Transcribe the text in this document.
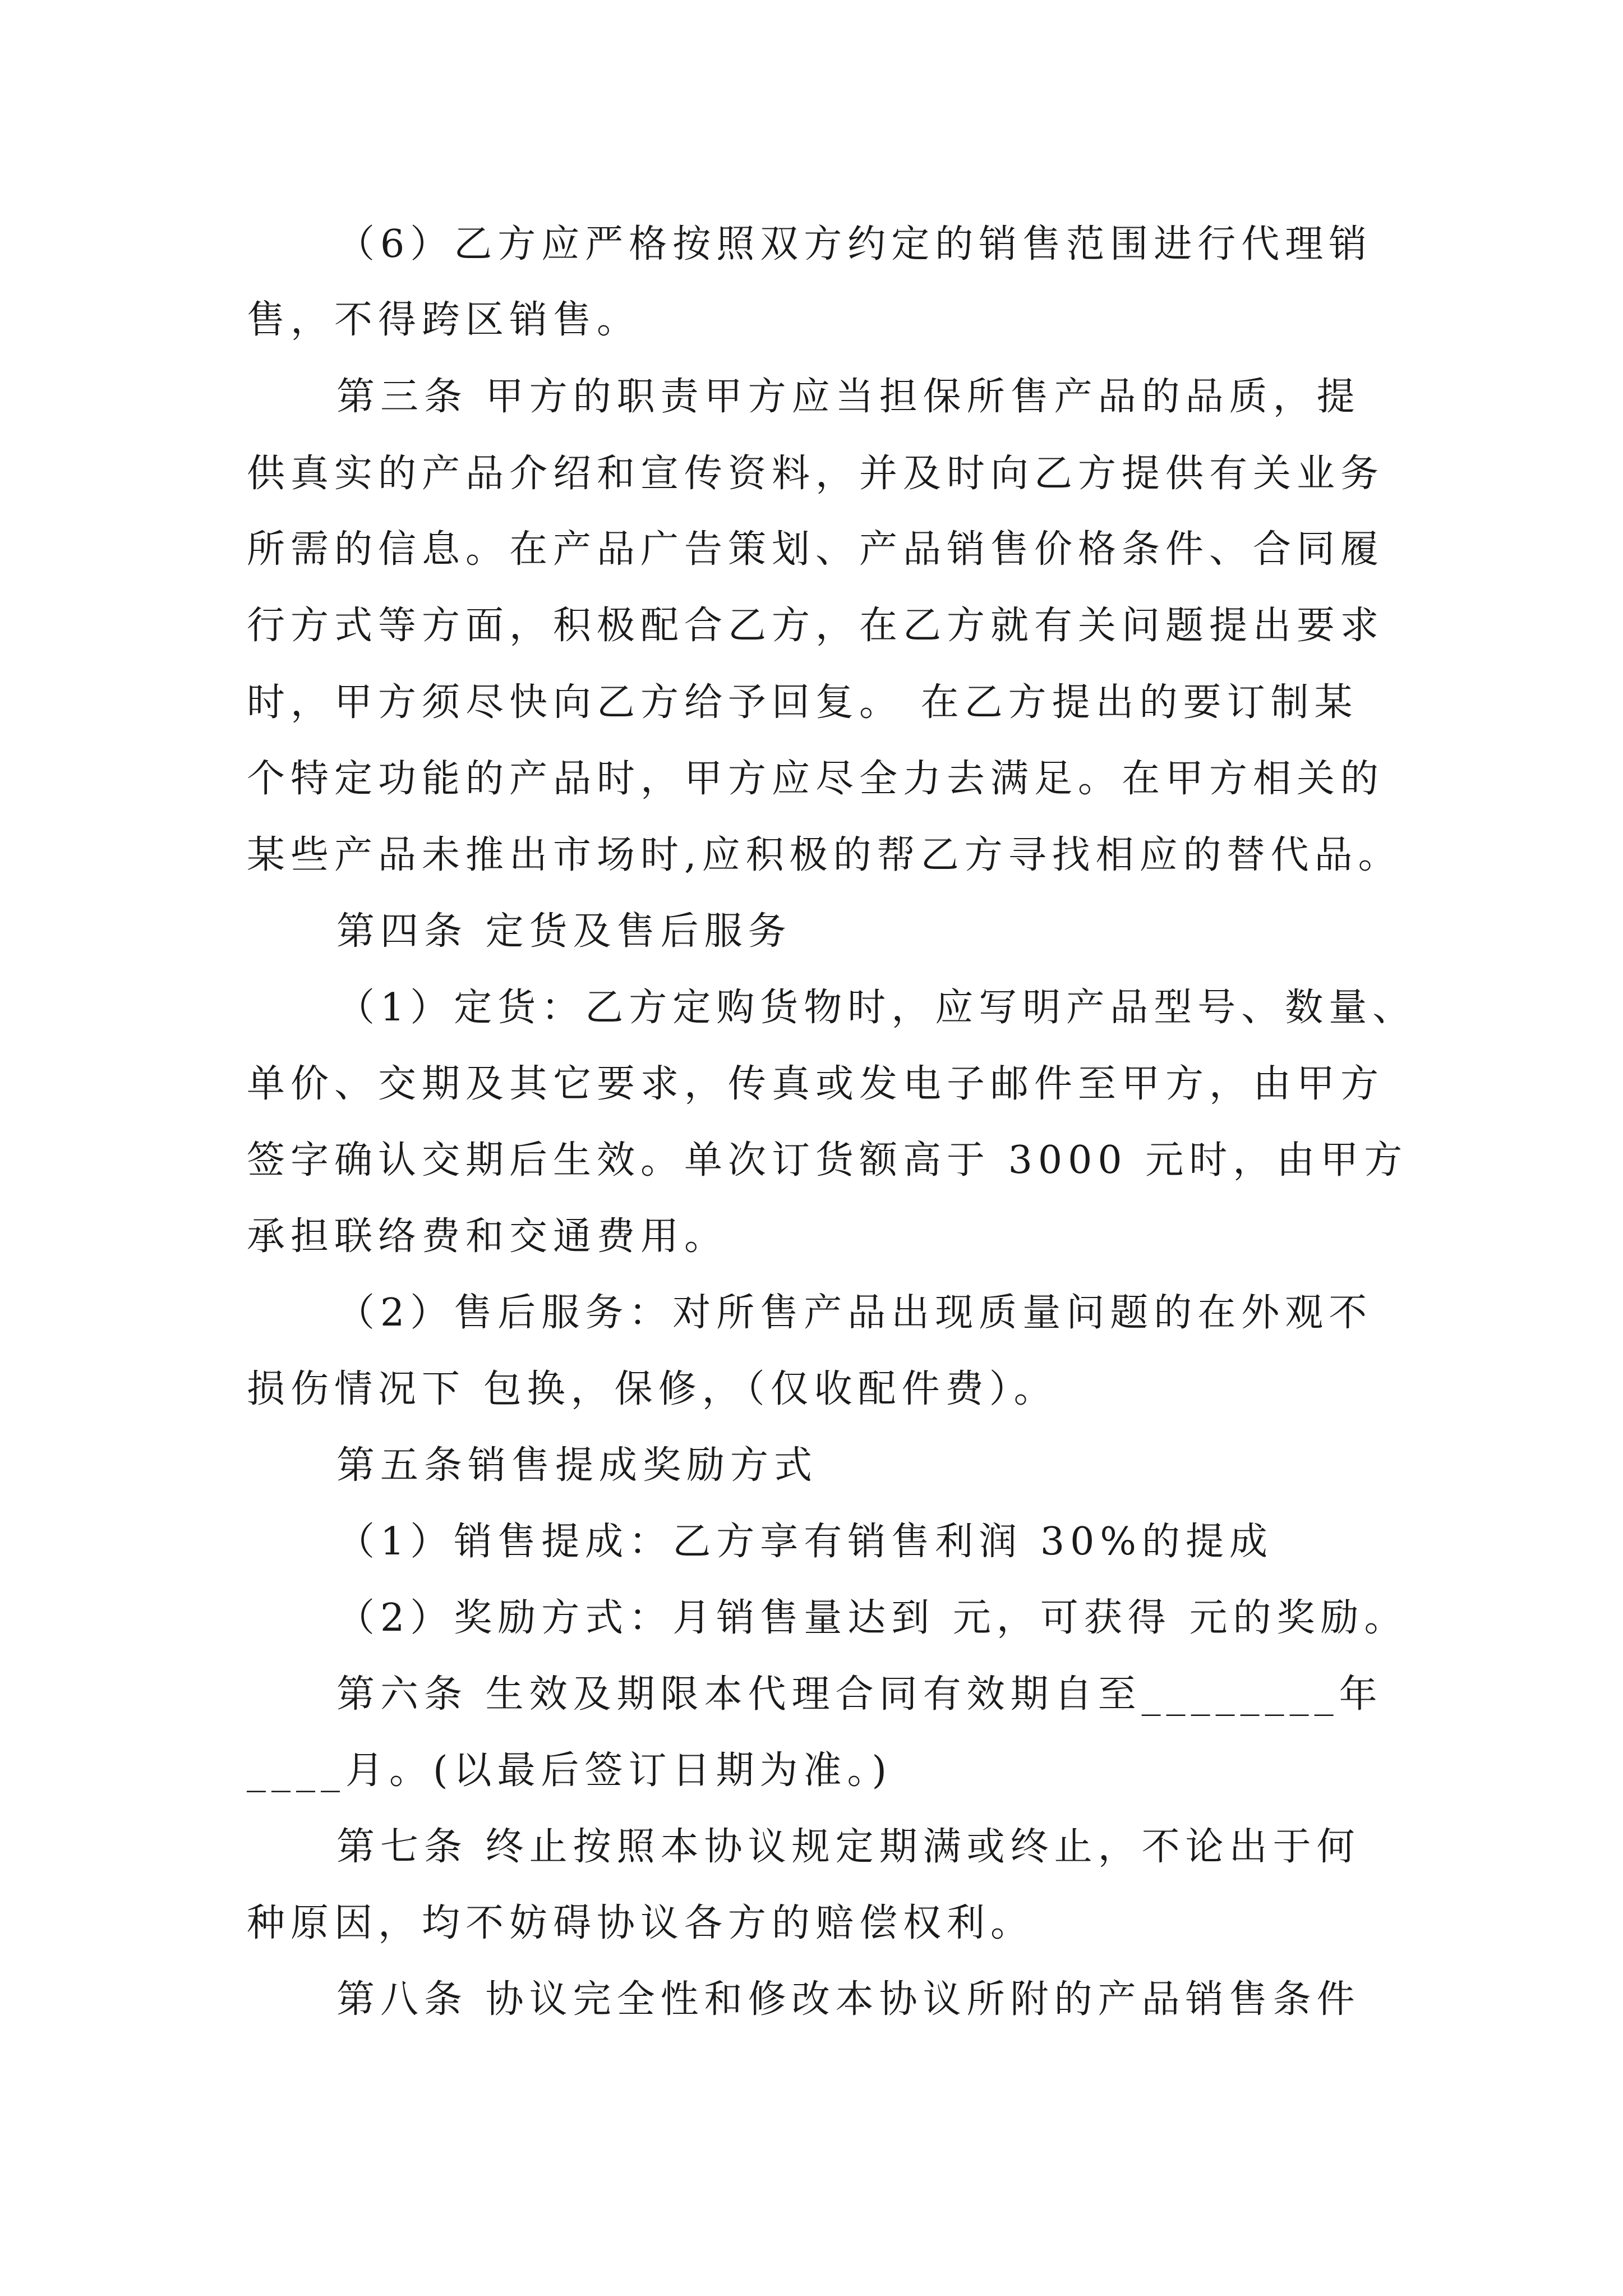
（6）乙方应严格按照双方约定的销售范围进行代理销
售，不得跨区销售。
第三条 甲方的职责甲方应当担保所售产品的品质，提
供真实的产品介绍和宣传资料，并及时向乙方提供有关业务
所需的信息。在产品广告策划、产品销售价格条件、合同履
行方式等方面，积极配合乙方，在乙方就有关问题提出要求
时，甲方须尽快向乙方给予回复。 在乙方提出的要订制某
个特定功能的产品时，甲方应尽全力去满足。在甲方相关的
某些产品未推出市场时,应积极的帮乙方寻找相应的替代品。
第四条 定货及售后服务
（1）定货：乙方定购货物时，应写明产品型号、数量、
单价、交期及其它要求，传真或发电子邮件至甲方，由甲方
签字确认交期后生效。单次订货额高于 3000 元时，由甲方
承担联络费和交通费用。
（2）售后服务：对所售产品出现质量问题的在外观不
损伤情况下 包换，保修，（仅收配件费）。
第五条销售提成奖励方式
（1）销售提成：乙方享有销售利润 30%的提成
（2）奖励方式：月销售量达到 元，可获得 元的奖励。
第六条 生效及期限本代理合同有效期自至________年
____月。(以最后签订日期为准。)
第七条 终止按照本协议规定期满或终止，不论出于何
种原因，均不妨碍协议各方的赔偿权利。
第八条 协议完全性和修改本协议所附的产品销售条件
